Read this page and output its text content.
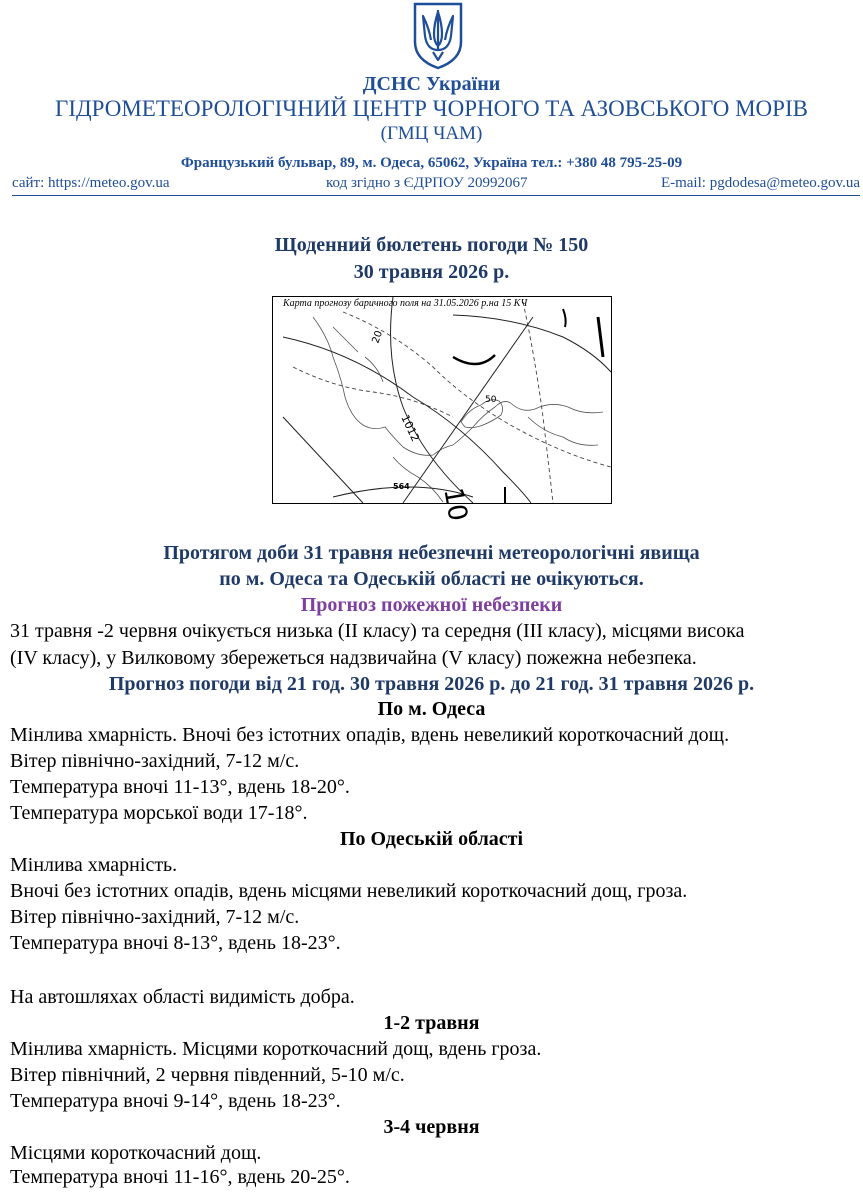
ДСНС України
ГІДРОМЕТЕОРОЛОГІЧНИЙ ЦЕНТР ЧОРНОГО ТА АЗОВСЬКОГО МОРІВ
(ГМЦ ЧАМ)
Французький бульвар, 89, м. Одеса, 65062, Україна тел.: +380 48 795-25-09
сайт: https://meteo.gov.ua	код згідно з ЄДРПОУ 20992067	E-mail: pgdodesa@meteo.gov.ua
Щоденний бюлетень погоди № 150
30 травня 2026 р.
20
1012
50
564 10
Карта прогнозу баричного поля на 31.05.2026 р.на 15 КЧ
Протягом доби 31 травня небезпечні метеорологічні явища
по м. Одеса та Одеській області не очікуються.
Прогноз пожежної небезпеки
31 травня -2 червня очікується низька (ІІ класу) та середня (ІІІ класу), місцями висока
(IV класу), у Вилковому збережеться надзвичайна (V класу) пожежна небезпека.
Прогноз погоди від 21 год. 30 травня 2026 р. до 21 год. 31 травня 2026 р.
По м. Одеса
Мінлива хмарність. Вночі без істотних опадів, вдень невеликий короткочасний дощ.
Вітер північно-західний, 7-12 м/с.
Температура вночі 11-13°, вдень 18-20°.
Температура морської води 17-18°.
По Одеській області
Мінлива хмарність.
Вночі без істотних опадів, вдень місцями невеликий короткочасний дощ, гроза.
Вітер північно-західний, 7-12 м/с.
Температура вночі 8-13°, вдень 18-23°.
На автошляхах області видимість добра.
1-2 травня
Мінлива хмарність. Місцями короткочасний дощ, вдень гроза.
Вітер північний, 2 червня південний, 5-10 м/с.
Температура вночі 9-14°, вдень 18-23°.
3-4 червня
Місцями короткочасний дощ.
Температура вночі 11-16°, вдень 20-25°.
